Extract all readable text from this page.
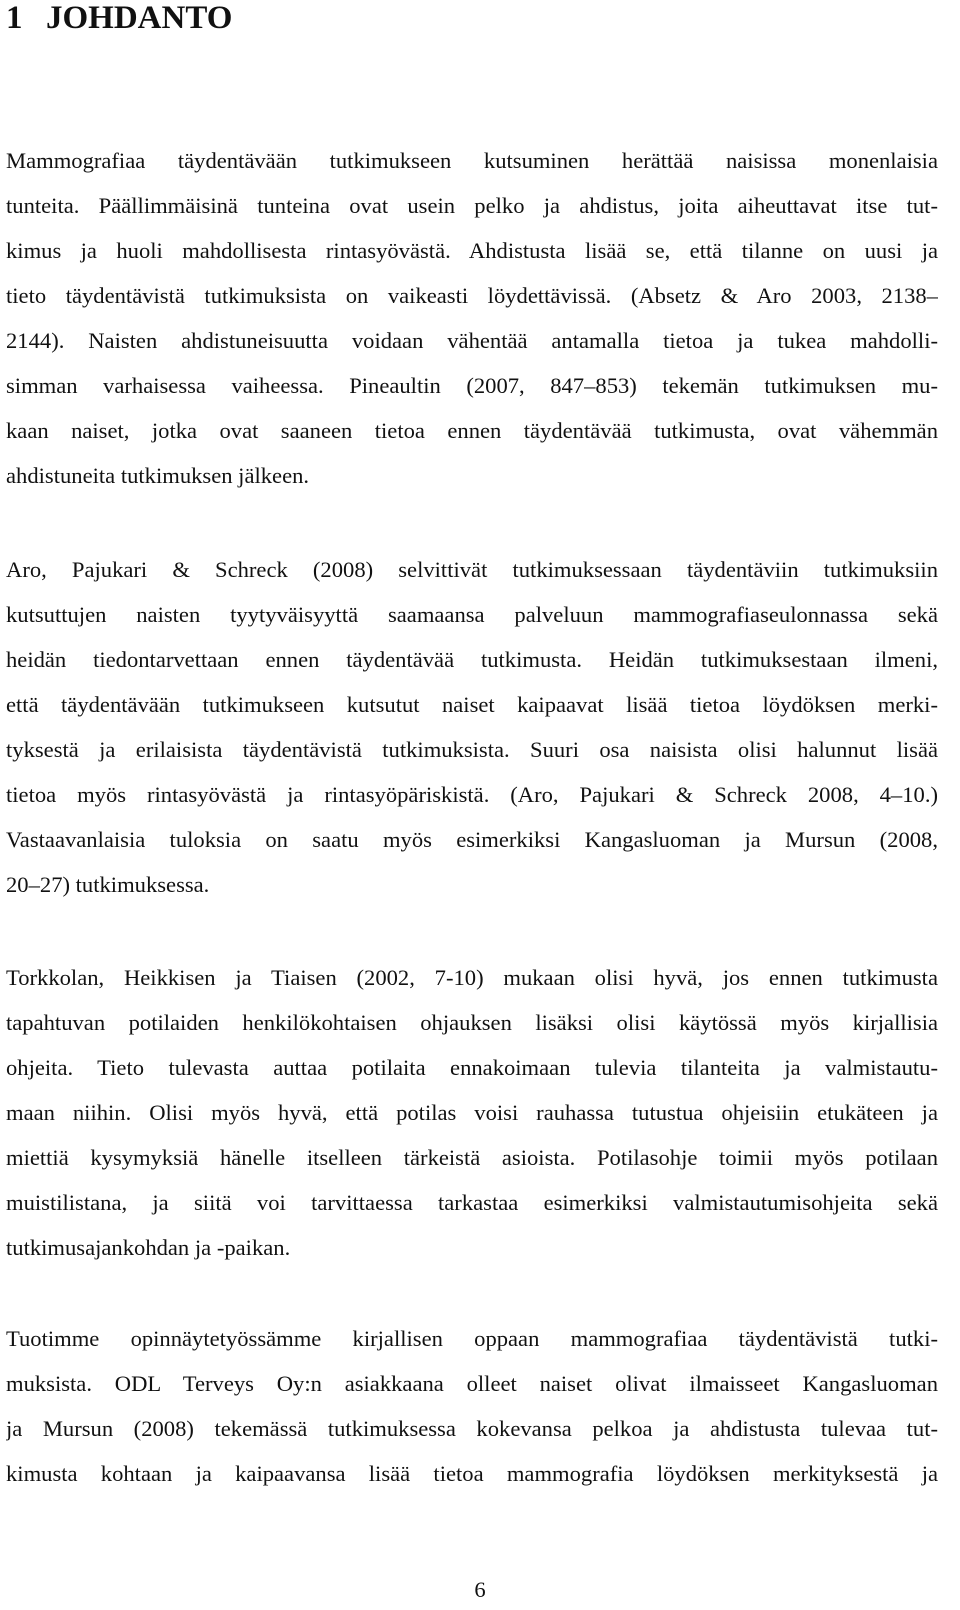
1 JOHDANTO
Mammografiaa täydentävään tutkimukseen kutsuminen herättää naisissa monenlaisia
tunteita. Päällimmäisinä tunteina ovat usein pelko ja ahdistus, joita aiheuttavat itse tut-
kimus ja huoli mahdollisesta rintasyövästä. Ahdistusta lisää se, että tilanne on uusi ja
tieto täydentävistä tutkimuksista on vaikeasti löydettävissä. (Absetz & Aro 2003, 2138–
2144). Naisten ahdistuneisuutta voidaan vähentää antamalla tietoa ja tukea mahdolli-
simman varhaisessa vaiheessa. Pineaultin (2007, 847–853) tekemän tutkimuksen mu-
kaan naiset, jotka ovat saaneen tietoa ennen täydentävää tutkimusta, ovat vähemmän
ahdistuneita tutkimuksen jälkeen.
Aro, Pajukari & Schreck (2008) selvittivät tutkimuksessaan täydentäviin tutkimuksiin
kutsuttujen naisten tyytyväisyyttä saamaansa palveluun mammografiaseulonnassa sekä
heidän tiedontarvettaan ennen täydentävää tutkimusta. Heidän tutkimuksestaan ilmeni,
että täydentävään tutkimukseen kutsutut naiset kaipaavat lisää tietoa löydöksen merki-
tyksestä ja erilaisista täydentävistä tutkimuksista. Suuri osa naisista olisi halunnut lisää
tietoa myös rintasyövästä ja rintasyöpäriskistä. (Aro, Pajukari & Schreck 2008, 4–10.)
Vastaavanlaisia tuloksia on saatu myös esimerkiksi Kangasluoman ja Mursun (2008,
20–27) tutkimuksessa.
Torkkolan, Heikkisen ja Tiaisen (2002, 7-10) mukaan olisi hyvä, jos ennen tutkimusta
tapahtuvan potilaiden henkilökohtaisen ohjauksen lisäksi olisi käytössä myös kirjallisia
ohjeita. Tieto tulevasta auttaa potilaita ennakoimaan tulevia tilanteita ja valmistautu-
maan niihin. Olisi myös hyvä, että potilas voisi rauhassa tutustua ohjeisiin etukäteen ja
miettiä kysymyksiä hänelle itselleen tärkeistä asioista. Potilasohje toimii myös potilaan
muistilistana, ja siitä voi tarvittaessa tarkastaa esimerkiksi valmistautumisohjeita sekä
tutkimusajankohdan ja -paikan.
Tuotimme opinnäytetyössämme kirjallisen oppaan mammografiaa täydentävistä tutki-
muksista. ODL Terveys Oy:n asiakkaana olleet naiset olivat ilmaisseet Kangasluoman
ja Mursun (2008) tekemässä tutkimuksessa kokevansa pelkoa ja ahdistusta tulevaa tut-
kimusta kohtaan ja kaipaavansa lisää tietoa mammografia löydöksen merkityksestä ja
6
